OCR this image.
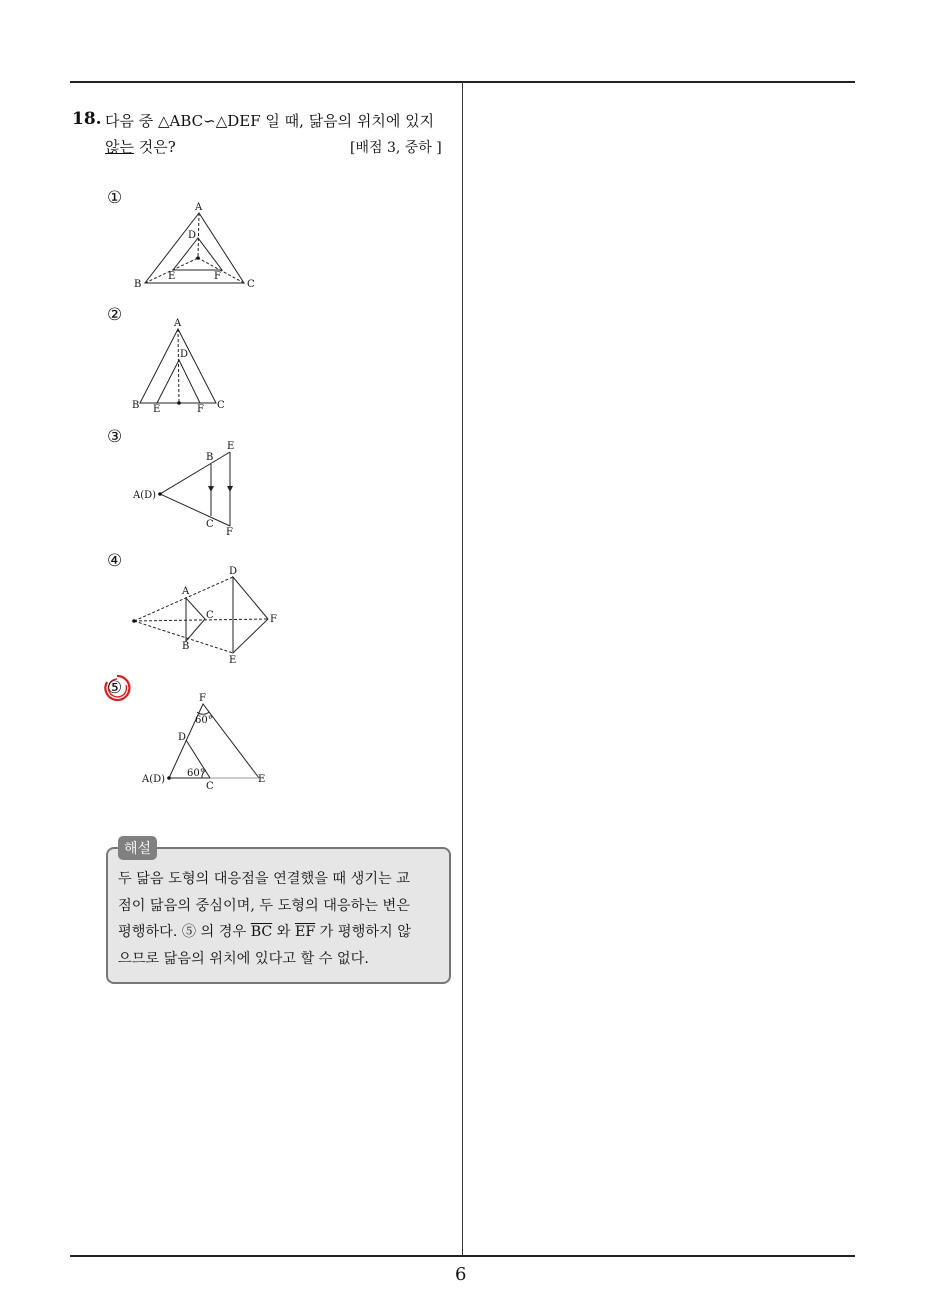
18. 다음 중 △ABC∽△DEF 일 때, 닮음의 위치에 있지
않는 것은?	[배점 3, 중하 ]
①	A
D
B
E	F
C
②	A
D
B E	F C
③
A(D)
B
E
C
F
④
A
C
B
D
F
E
⑤
F
60°
D
60°
A(D)
C
E
해설
두 닮음 도형의 대응점을 연결했을 때 생기는 교
점이 닮음의 중심이며, 두 도형의 대응하는 변은
평행하다. ⑤ 의 경우 $\overline{BC}$ 와 $\overline{EF}$ 가 평행하지 않
으므로 닮음의 위치에 있다고 할 수 없다.
6
